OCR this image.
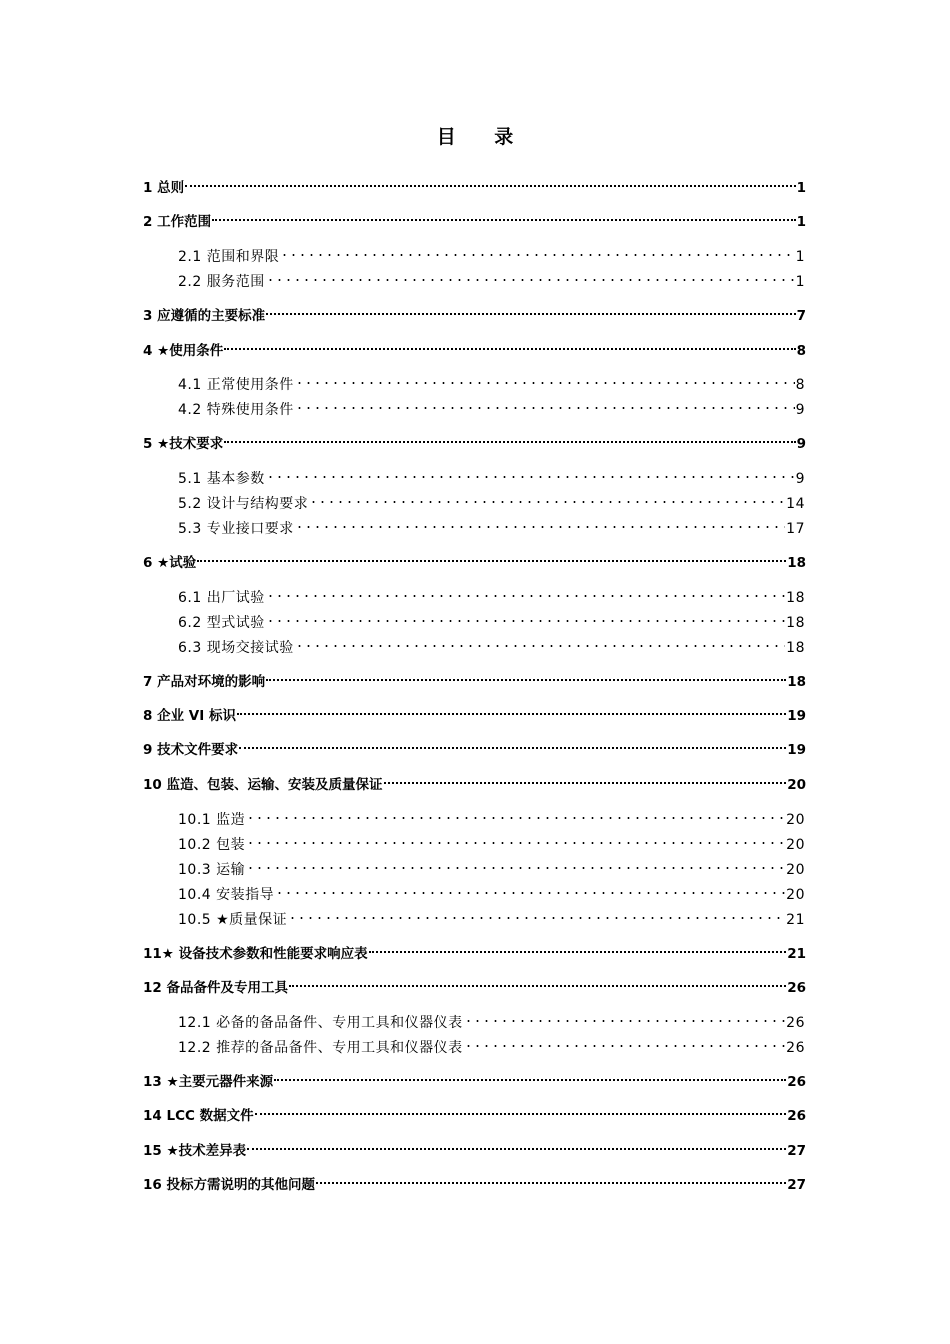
目 录
1 总则	1
2 工作范围	1
2.1 范围和界限	1
2.2 服务范围	1
3 应遵循的主要标准	7
4 ★使用条件	8
4.1 正常使用条件	8
4.2 特殊使用条件	9
5 ★技术要求	9
5.1 基本参数	9
5.2 设计与结构要求	14
5.3 专业接口要求	17
6 ★试验	18
6.1 出厂试验	18
6.2 型式试验	18
6.3 现场交接试验	18
7 产品对环境的影响	18
8 企业 VI 标识	19
9 技术文件要求	19
10 监造、包装、运输、安装及质量保证	20
10.1 监造	20
10.2 包装	20
10.3 运输	20
10.4 安装指导	20
10.5 ★质量保证	21
11★ 设备技术参数和性能要求响应表	21
12 备品备件及专用工具	26
12.1 必备的备品备件、专用工具和仪器仪表	26
12.2 推荐的备品备件、专用工具和仪器仪表	26
13 ★主要元器件来源	26
14 LCC 数据文件	26
15 ★技术差异表	27
16 投标方需说明的其他问题	27
